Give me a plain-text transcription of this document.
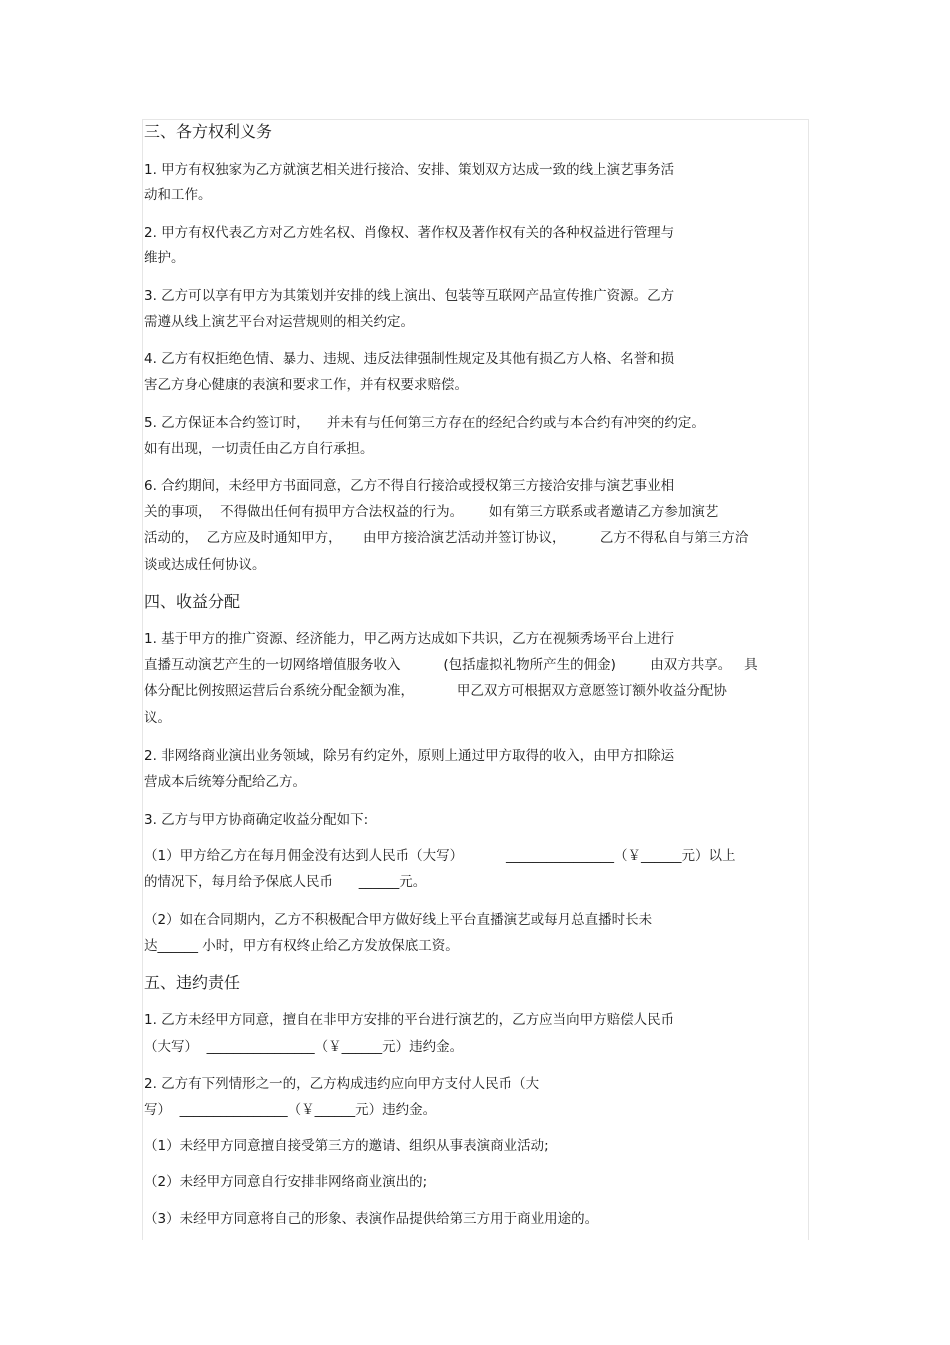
三、各方权利义务
1. 甲方有权独家为乙方就演艺相关进行接洽、安排、策划双方达成一致的线上演艺事务活
动和工作。
2. 甲方有权代表乙方对乙方姓名权、肖像权、著作权及著作权有关的各种权益进行管理与
维护。
3. 乙方可以享有甲方为其策划并安排的线上演出、包装等互联网产品宣传推广资源。乙方
需遵从线上演艺平台对运营规则的相关约定。
4. 乙方有权拒绝色情、暴力、违规、违反法律强制性规定及其他有损乙方人格、名誉和损
害乙方身心健康的表演和要求工作，并有权要求赔偿。
5. 乙方保证本合约签订时，    并未有与任何第三方存在的经纪合约或与本合约有冲突的约定。
如有出现，一切责任由乙方自行承担。
6. 合约期间，未经甲方书面同意，乙方不得自行接洽或授权第三方接洽安排与演艺事业相
关的事项，  不得做出任何有损甲方合法权益的行为。      如有第三方联系或者邀请乙方参加演艺
活动的，  乙方应及时通知甲方，     由甲方接洽演艺活动并签订协议，        乙方不得私自与第三方洽
谈或达成任何协议。
四、收益分配
1. 基于甲方的推广资源、经济能力，甲乙两方达成如下共识，乙方在视频秀场平台上进行
直播互动演艺产生的一切网络增值服务收入          (包括虚拟礼物所产生的佣金)        由双方共享。   具
体分配比例按照运营后台系统分配金额为准，          甲乙双方可根据双方意愿签订额外收益分配协
议。
2. 非网络商业演出业务领域，除另有约定外，原则上通过甲方取得的收入，由甲方扣除运
营成本后统筹分配给乙方。
3. 乙方与甲方协商确定收益分配如下:
（1）甲方给乙方在每月佣金没有达到人民币（大写）          ________________（￥______元）以上
的情况下，每月给予保底人民币      ______元。
（2）如在合同期内，乙方不积极配合甲方做好线上平台直播演艺或每月总直播时长未
达______ 小时，甲方有权终止给乙方发放保底工资。
五、违约责任
1. 乙方未经甲方同意，擅自在非甲方安排的平台进行演艺的，乙方应当向甲方赔偿人民币
（大写）  ________________（￥______元）违约金。
2. 乙方有下列情形之一的，乙方构成违约应向甲方支付人民币（大
写）  ________________（￥______元）违约金。
（1）未经甲方同意擅自接受第三方的邀请、组织从事表演商业活动;
（2）未经甲方同意自行安排非网络商业演出的;
（3）未经甲方同意将自己的形象、表演作品提供给第三方用于商业用途的。
